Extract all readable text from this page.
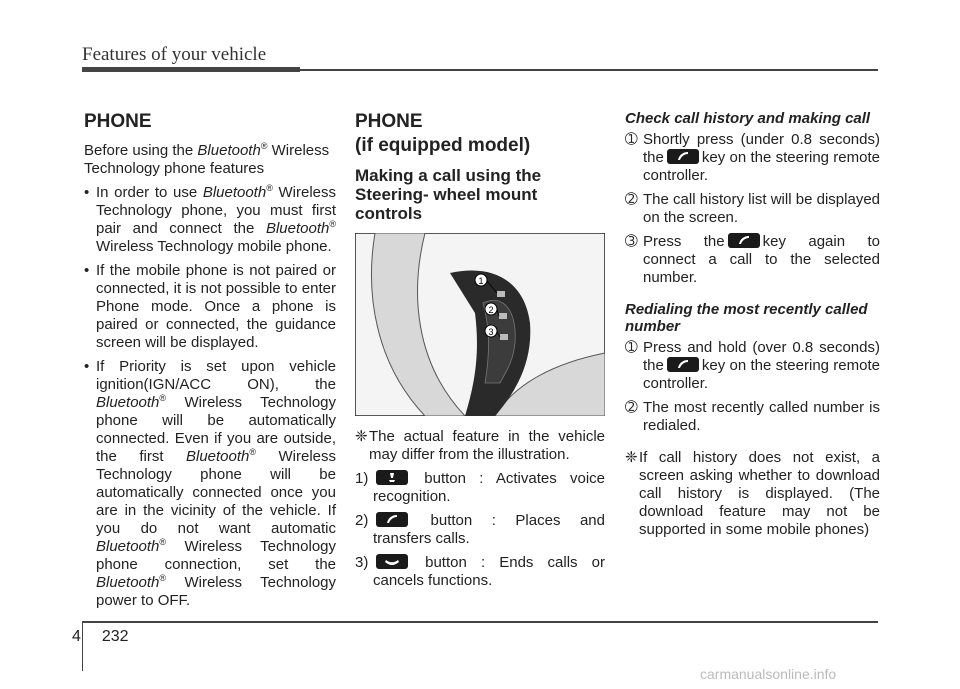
Features of your vehicle
PHONE

Before using the Bluetooth® Wireless Technology phone features

• In order to use Bluetooth® Wireless Technology phone, you must first pair and connect the Bluetooth® Wireless Technology mobile phone.
• If the mobile phone is not paired or connected, it is not possible to enter Phone mode. Once a phone is paired or connected, the guidance screen will be displayed.
• If Priority is set upon vehicle ignition(IGN/ACC ON), the Bluetooth® Wireless Technology phone will be automatically connected. Even if you are outside, the first Bluetooth® Wireless Technology phone will be automatically connected once you are in the vicinity of the vehicle. If you do not want automatic Bluetooth® Wireless Technology phone connection, set the Bluetooth® Wireless Technology power to OFF.
PHONE
(if equipped model)
Making a call using the Steering- wheel mount controls
1
2
3
❈ The actual feature in the vehicle may differ from the illustration.
1)	button : Activates voice recognition.
2)	button : Places and transfers calls.
3)	button : Ends calls or cancels functions.
Check call history and making call
➀ Shortly press (under 0.8 seconds) the	key on the steering remote controller.
➁ The call history list will be displayed on the screen.
➂ Press the	key again to connect a call to the selected number.
Redialing the most recently called number
➀ Press and hold (over 0.8 seconds) the	key on the steering remote controller.
➁ The most recently called number is redialed.
❈ If call history does not exist, a screen asking whether to download call history is displayed. (The download feature may not be supported in some mobile phones)
4 232
carmanualsonline.info
